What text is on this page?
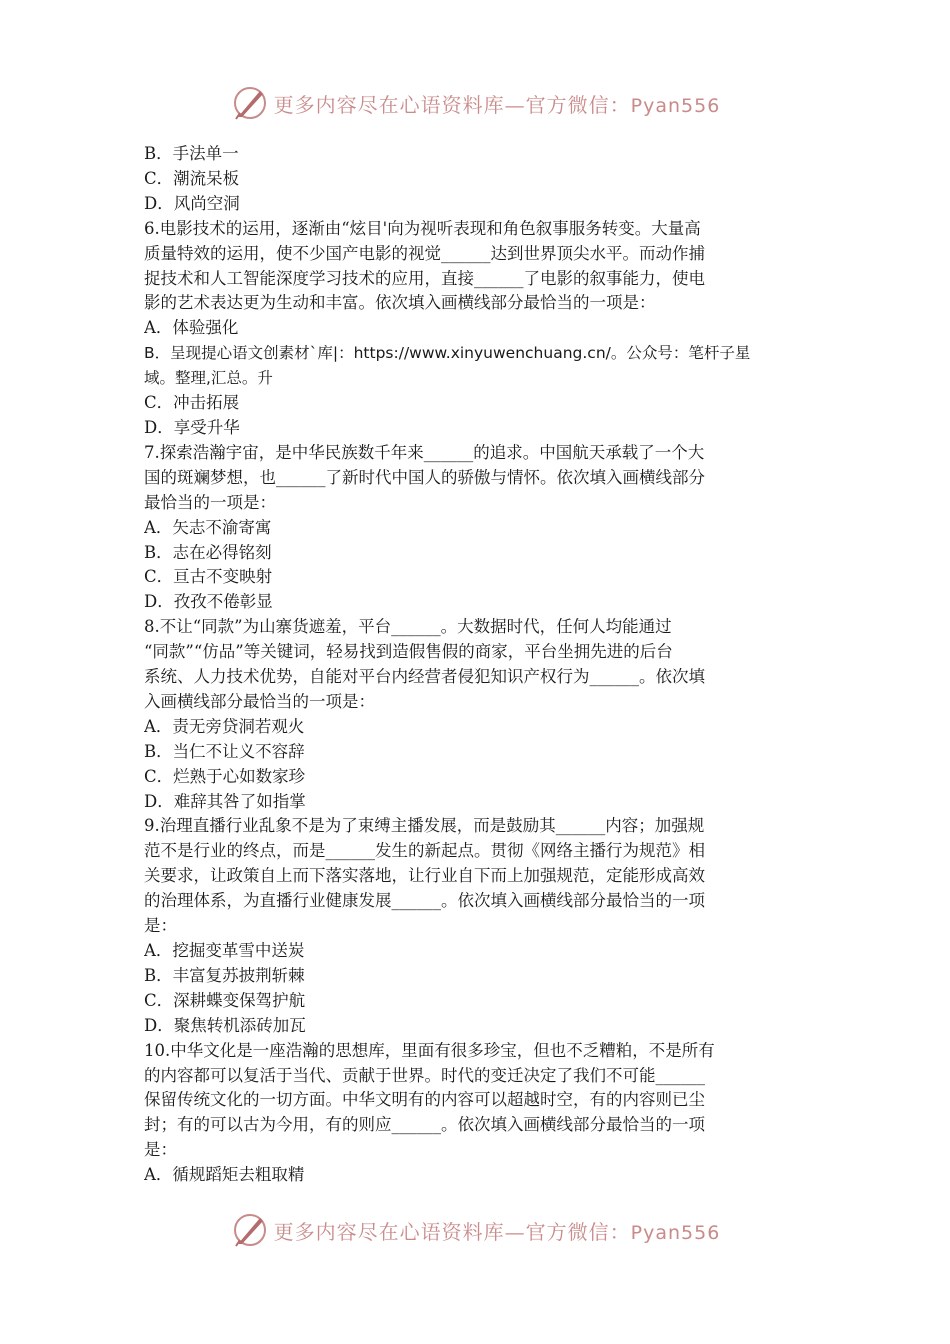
更多内容尽在心语资料库—官方微信：Pyan556
B．手法单一
C．潮流呆板
D．风尚空洞
6.电影技术的运用，逐渐由“炫目'向为视听表现和角色叙事服务转变。大量高
质量特效的运用，使不少国产电影的视觉______达到世界顶尖水平。而动作捕
捉技术和人工智能深度学习技术的应用，直接______了电影的叙事能力，使电
影的艺术表达更为生动和丰富。依次填入画横线部分最恰当的一项是：
A．体验强化
B．呈现提心语文创素材`库|：https://www.xinyuwenchuang.cn/。公众号：笔杆子星
域。整理,汇总。升
C．冲击拓展
D．享受升华
7.探索浩瀚宇宙，是中华民族数千年来______的追求。中国航天承载了一个大
国的斑斓梦想，也______了新时代中国人的骄傲与情怀。依次填入画横线部分
最恰当的一项是：
A．矢志不渝寄寓
B．志在必得铭刻
C．亘古不变映射
D．孜孜不倦彰显
8.不让“同款”为山寨货遮羞，平台______。大数据时代，任何人均能通过
“同款”“仿品”等关键词，轻易找到造假售假的商家，平台坐拥先进的后台
系统、人力技术优势，自能对平台内经营者侵犯知识产权行为______。依次填
入画横线部分最恰当的一项是：
A．责无旁贷洞若观火
B．当仁不让义不容辞
C．烂熟于心如数家珍
D．难辞其咎了如指掌
9.治理直播行业乱象不是为了束缚主播发展，而是鼓励其______内容；加强规
范不是行业的终点，而是______发生的新起点。贯彻《网络主播行为规范》相
关要求，让政策自上而下落实落地，让行业自下而上加强规范，定能形成高效
的治理体系，为直播行业健康发展______。依次填入画横线部分最恰当的一项
是：
A．挖掘变革雪中送炭
B．丰富复苏披荆斩棘
C．深耕蝶变保驾护航
D．聚焦转机添砖加瓦
10.中华文化是一座浩瀚的思想库，里面有很多珍宝，但也不乏糟粕，不是所有
的内容都可以复活于当代、贡献于世界。时代的变迁决定了我们不可能______
保留传统文化的一切方面。中华文明有的内容可以超越时空，有的内容则已尘
封；有的可以古为今用，有的则应______。依次填入画横线部分最恰当的一项
是：
A．循规蹈矩去粗取精
更多内容尽在心语资料库—官方微信：Pyan556
